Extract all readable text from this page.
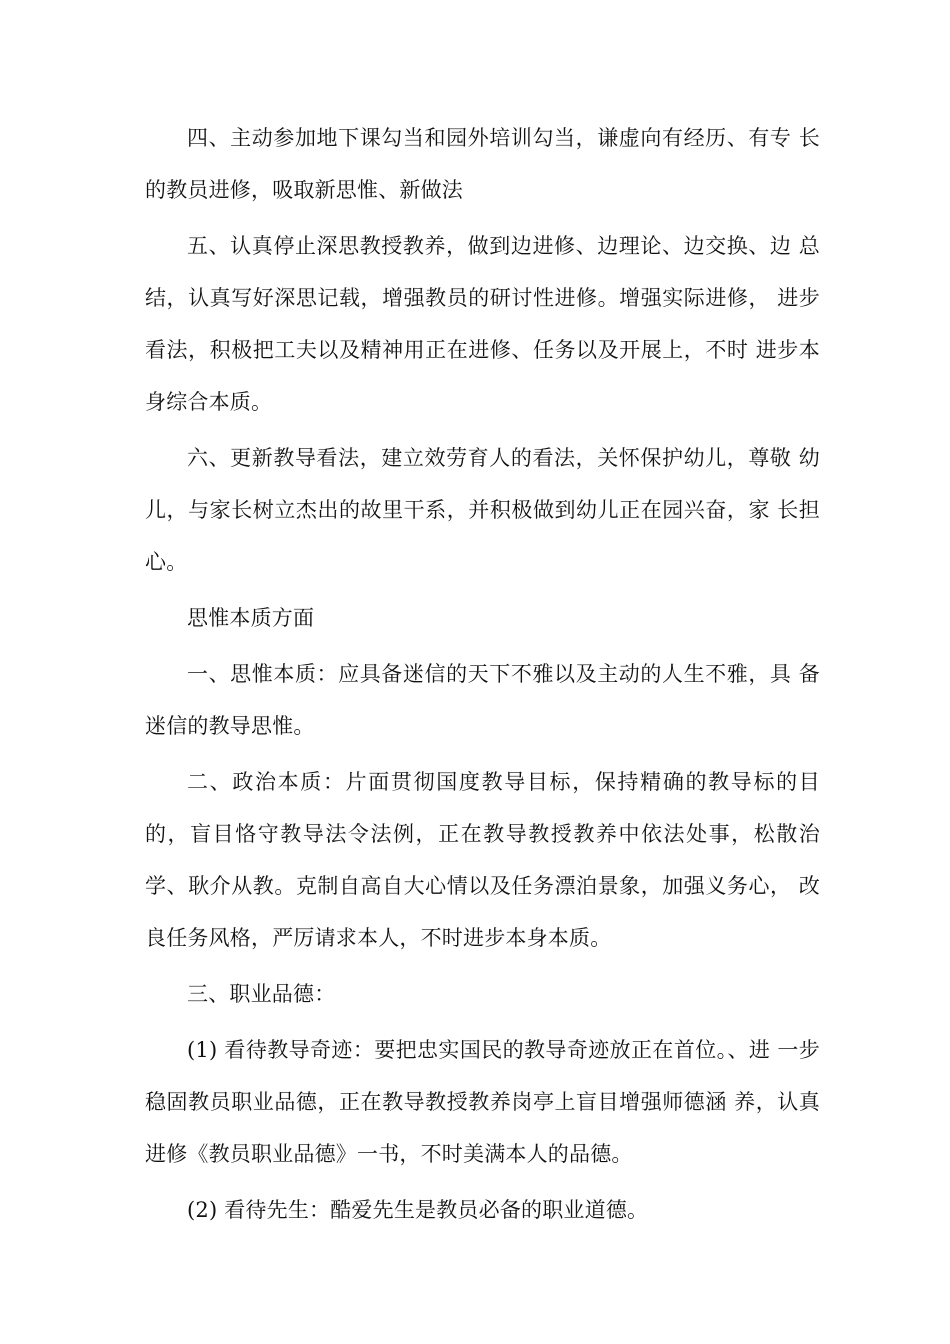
四、主动参加地下课勾当和园外培训勾当，谦虚向有经历、有专 长的教员进修，吸取新思惟、新做法

五、认真停止深思教授教养，做到边进修、边理论、边交换、边 总结，认真写好深思记载，增强教员的研讨性进修。增强实际进修， 进步看法，积极把工夫以及精神用正在进修、任务以及开展上，不时 进步本身综合本质。

六、更新教导看法，建立效劳育人的看法，关怀保护幼儿，尊敬 幼儿，与家长树立杰出的故里干系，并积极做到幼儿正在园兴奋，家 长担心。

思惟本质方面

一、思惟本质：应具备迷信的天下不雅以及主动的人生不雅，具 备迷信的教导思惟。

二、政治本质：片面贯彻国度教导目标，保持精确的教导标的目的，盲目恪守教导法令法例，正在教导教授教养中依法处事，松散治学、耿介从教。克制自高自大心情以及任务漂泊景象，加强义务心， 改良任务风格，严厉请求本人，不时进步本身本质。

三、职业品德：

(1) 看待教导奇迹：要把忠实国民的教导奇迹放正在首位。、进 一步稳固教员职业品德，正在教导教授教养岗亭上盲目增强师德涵 养，认真进修《教员职业品德》一书，不时美满本人的品德。

(2) 看待先生：酷爱先生是教员必备的职业道德。
